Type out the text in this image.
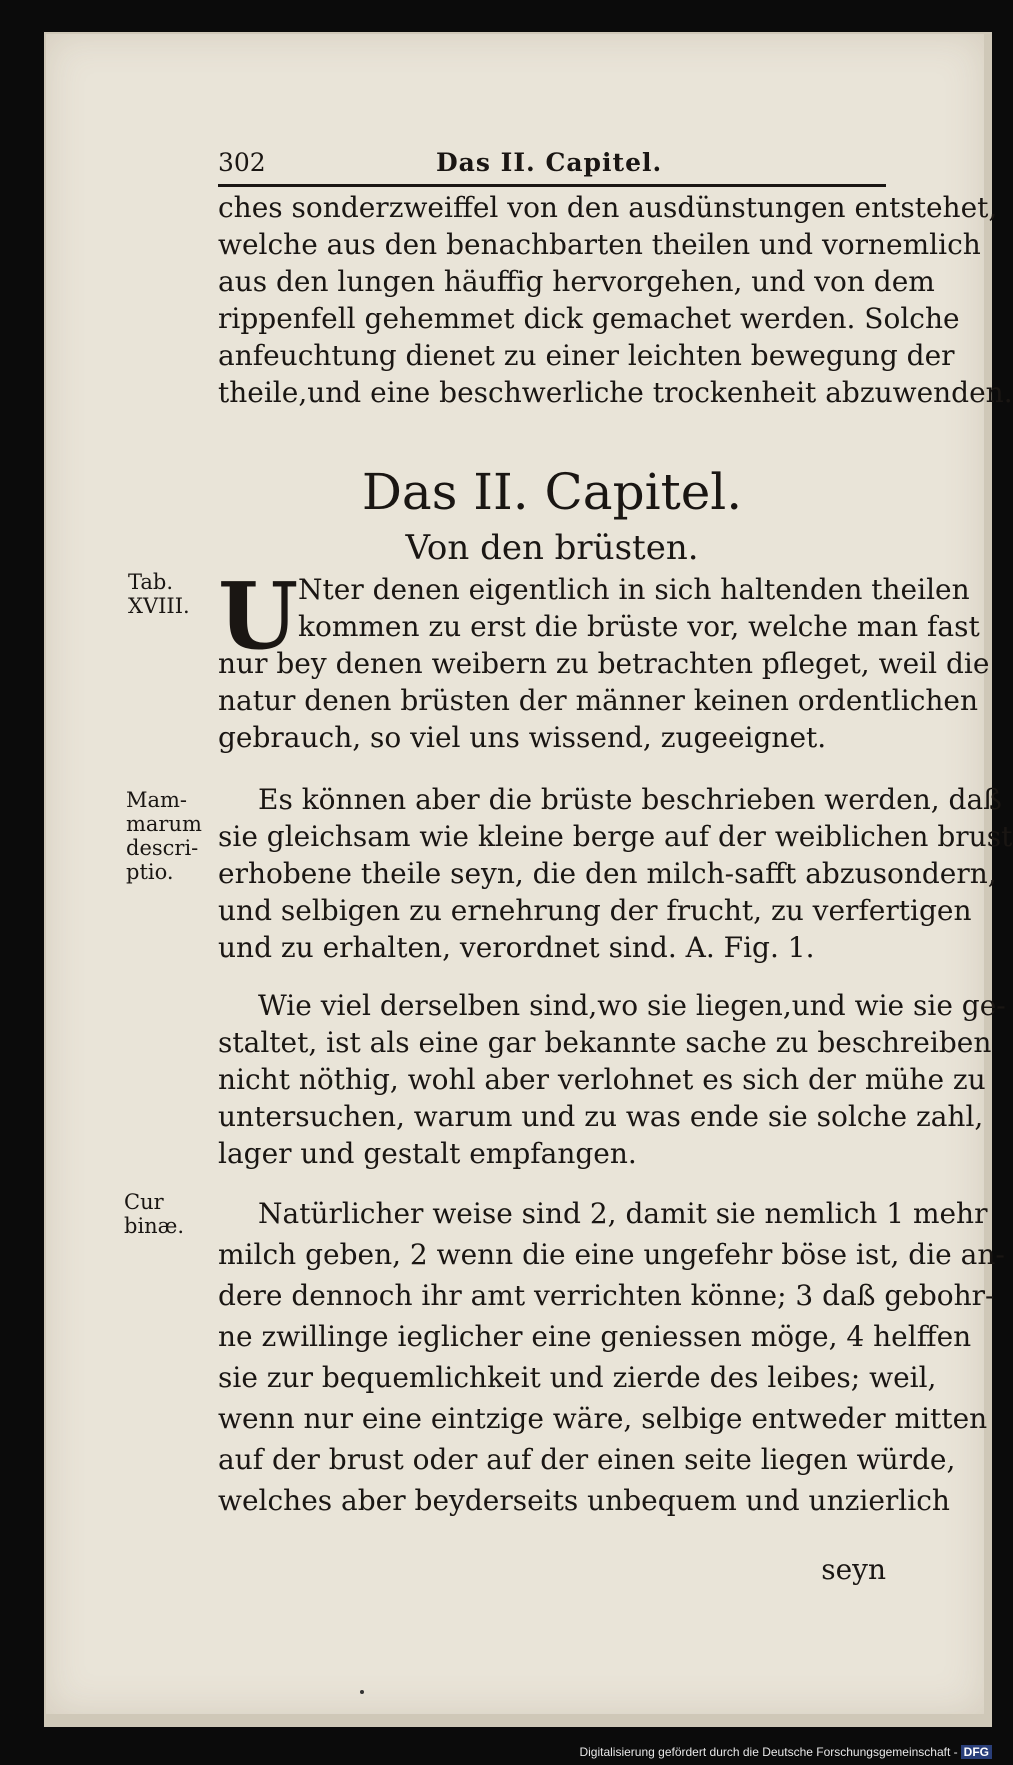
302	Das II. Capitel.
ches sonderzweiffel von den ausdünstungen entstehet,
welche aus den benachbarten theilen und vornemlich
aus den lungen häuffig hervorgehen, und von dem
rippenfell gehemmet dick gemachet werden. Solche
anfeuchtung dienet zu einer leichten bewegung der
theile,und eine beschwerliche trockenheit abzuwenden.
Das II. Capitel.
Von den brüsten.
U Nter denen eigentlich in sich haltenden theilen
kommen zu erst die brüste vor, welche man fast
nur bey denen weibern zu betrachten pfleget, weil die
natur denen brüsten der männer keinen ordentlichen
gebrauch, so viel uns wissend, zugeeignet.
Es können aber die brüste beschrieben werden, daß
sie gleichsam wie kleine berge auf der weiblichen brust
erhobene theile seyn, die den milch-safft abzusondern,
und selbigen zu ernehrung der frucht, zu verfertigen
und zu erhalten, verordnet sind. A. Fig. 1.
Wie viel derselben sind,wo sie liegen,und wie sie ge-
staltet, ist als eine gar bekannte sache zu beschreiben
nicht nöthig, wohl aber verlohnet es sich der mühe zu
untersuchen, warum und zu was ende sie solche zahl,
lager und gestalt empfangen.
Natürlicher weise sind 2, damit sie nemlich 1 mehr
milch geben, 2 wenn die eine ungefehr böse ist, die an-
dere dennoch ihr amt verrichten könne; 3 daß gebohr-
ne zwillinge ieglicher eine geniessen möge, 4 helffen
sie zur bequemlichkeit und zierde des leibes; weil,
wenn nur eine eintzige wäre, selbige entweder mitten
auf der brust oder auf der einen seite liegen würde,
welches aber beyderseits unbequem und unzierlich
seyn
Tab.
XVIII.
Mam-
marum
descri-
ptio.
Cur
binæ.
Digitalisierung gefördert durch die Deutsche Forschungsgemeinschaft - DFG
